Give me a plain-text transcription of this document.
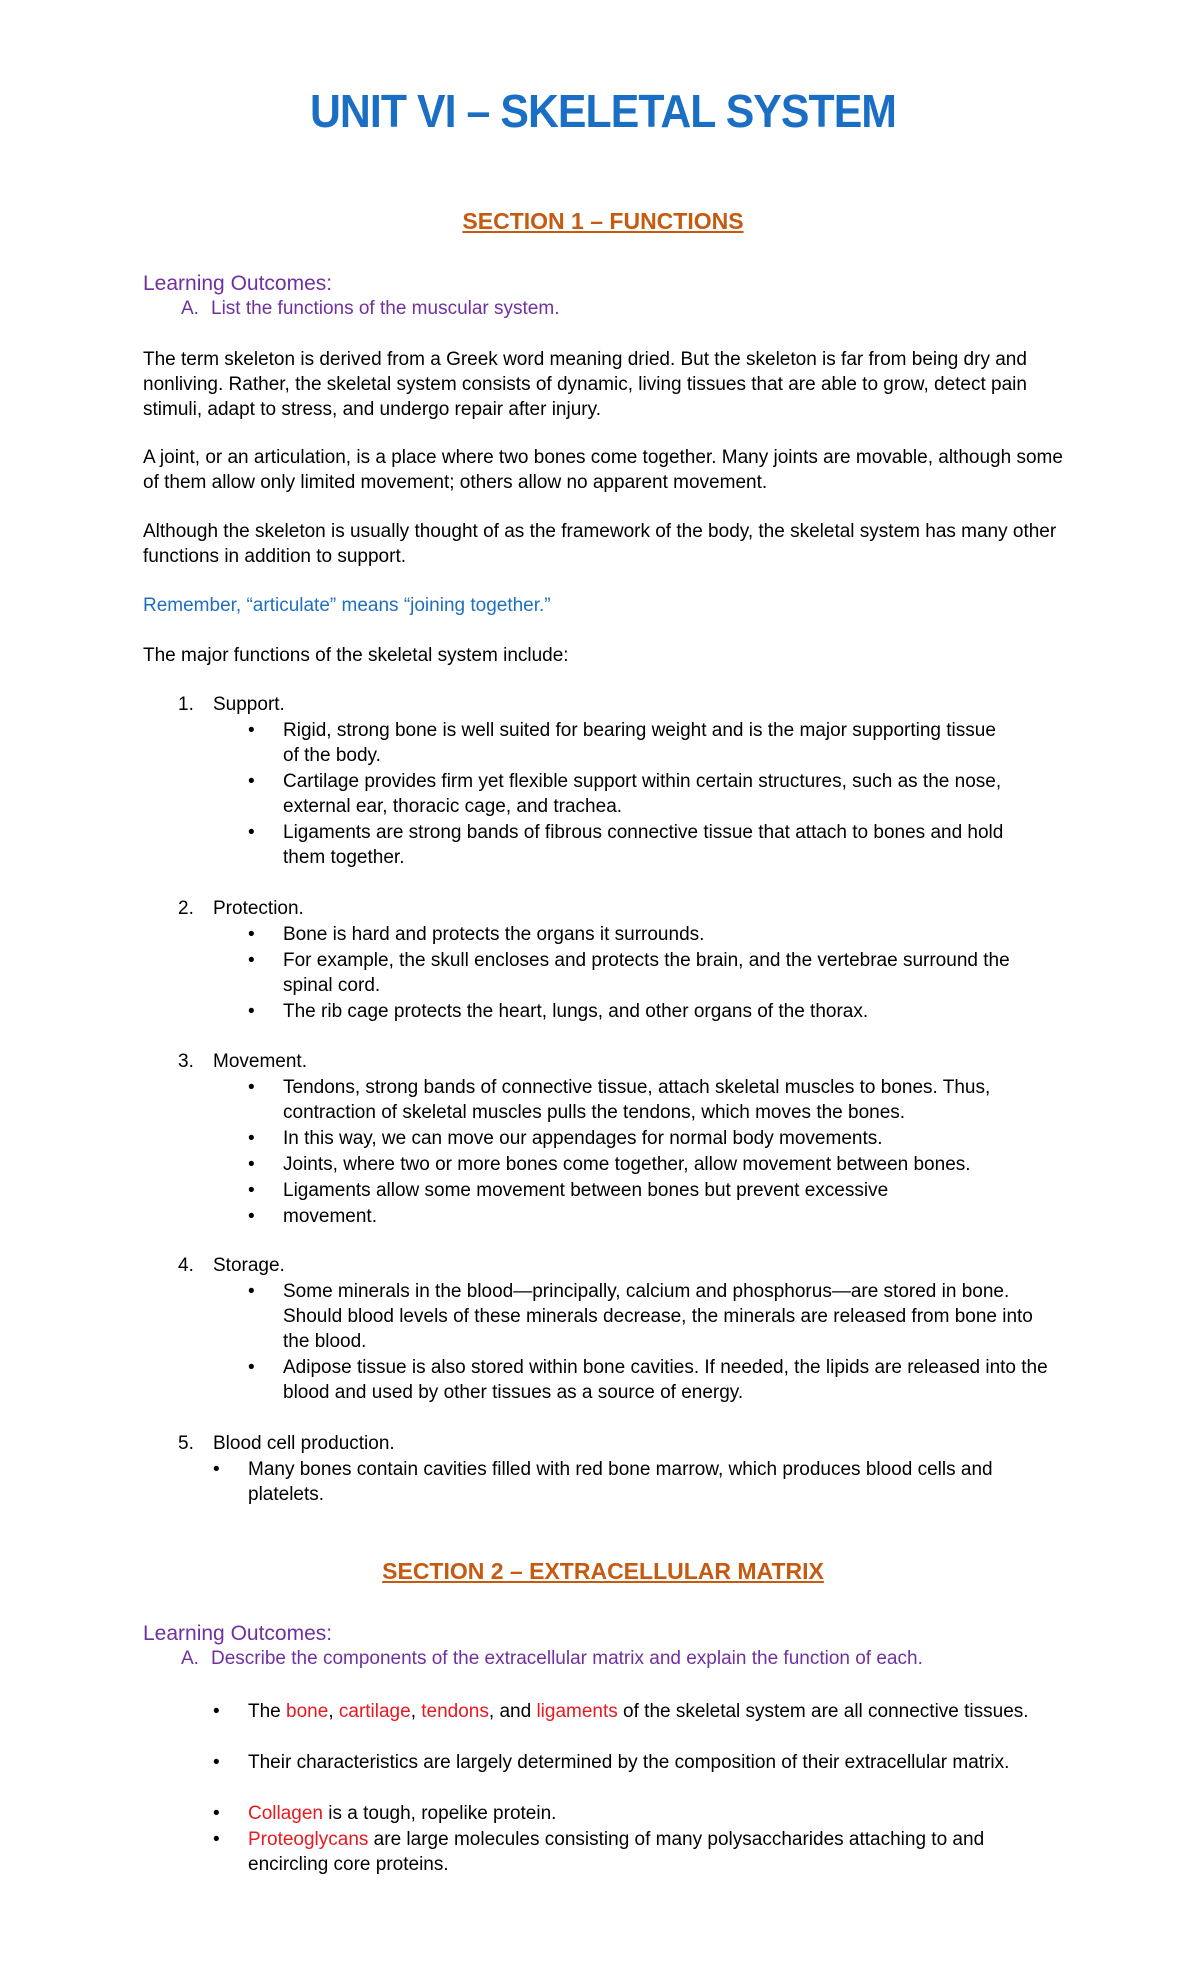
UNIT VI – SKELETAL SYSTEM
SECTION 1 – FUNCTIONS
Learning Outcomes:
A. List the functions of the muscular system.
The term skeleton is derived from a Greek word meaning dried. But the skeleton is far from being dry and nonliving. Rather, the skeletal system consists of dynamic, living tissues that are able to grow, detect pain stimuli, adapt to stress, and undergo repair after injury.
A joint, or an articulation, is a place where two bones come together. Many joints are movable, although some of them allow only limited movement; others allow no apparent movement.
Although the skeleton is usually thought of as the framework of the body, the skeletal system has many other functions in addition to support.
Remember, “articulate” means “joining together.”
The major functions of the skeletal system include:
1. Support.
• Rigid, strong bone is well suited for bearing weight and is the major supporting tissue of the body.
• Cartilage provides firm yet flexible support within certain structures, such as the nose, external ear, thoracic cage, and trachea.
• Ligaments are strong bands of fibrous connective tissue that attach to bones and hold them together.
2. Protection.
• Bone is hard and protects the organs it surrounds.
• For example, the skull encloses and protects the brain, and the vertebrae surround the spinal cord.
• The rib cage protects the heart, lungs, and other organs of the thorax.
3. Movement.
• Tendons, strong bands of connective tissue, attach skeletal muscles to bones. Thus, contraction of skeletal muscles pulls the tendons, which moves the bones.
• In this way, we can move our appendages for normal body movements.
• Joints, where two or more bones come together, allow movement between bones.
• Ligaments allow some movement between bones but prevent excessive
• movement.
4. Storage.
• Some minerals in the blood—principally, calcium and phosphorus—are stored in bone. Should blood levels of these minerals decrease, the minerals are released from bone into the blood.
• Adipose tissue is also stored within bone cavities. If needed, the lipids are released into the blood and used by other tissues as a source of energy.
5. Blood cell production.
• Many bones contain cavities filled with red bone marrow, which produces blood cells and platelets.
SECTION 2 – EXTRACELLULAR MATRIX
Learning Outcomes:
A. Describe the components of the extracellular matrix and explain the function of each.
• The bone, cartilage, tendons, and ligaments of the skeletal system are all connective tissues.
• Their characteristics are largely determined by the composition of their extracellular matrix.
• Collagen is a tough, ropelike protein.
• Proteoglycans are large molecules consisting of many polysaccharides attaching to and encircling core proteins.
